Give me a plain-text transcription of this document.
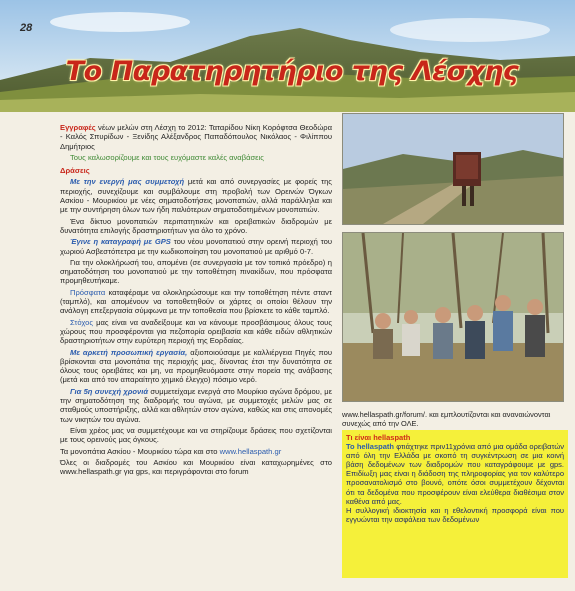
28
Το Παρατηρητήριο της Λέσχης

Εγγραφές νέων μελών στη Λέσχη το 2012: Ταταρίδου Νίκη Κορόφτσα Θεοδώρα - Καλός Σπυρίδων - Ξενίδης Αλέξανδρος Παπαδόπουλος Νικόλαος - Φιλίππου Δημήτριος

Τους καλωσορίζουμε και τους ευχόμαστε καλές αναβάσεις

Δράσεις

Με την ενεργή μας συμμετοχή μετά και από συνεργασίες με φορείς της περιοχής, συνεχίζουμε και συμβάλουμε στη προβολή των Ορεινών Όγκων Ασκίου - Μουρικίου με νέες σηματοδοτήσεις μονοπατιών, αλλά παράλληλα και με την συντήρηση όλων των ήδη παλιότερων σηματοδοτημένων μονοπατιών.

Ένα δίκτυο μονοπατιών περιπατητικών και ορειβατικών διαδρομών με δυνατότητα επιλογής δραστηριοτήτων για όλο το χρόνο.

Έγινε η καταγραφή με GPS του νέου μονοπατιού στην ορεινή περιοχή του χωριού Ασβεστόπετρα με την κωδικοποίηση του μονοπατιού με αριθμό 0-7.

Για την ολοκλήρωσή του, απομένει (σε συνεργασία με τον τοπικό πρόεδρο) η σηματοδότηση του μονοπατιού με την τοποθέτηση πινακίδων, που πρόσφατα προμηθευτήκαμε.

Πρόσφατα καταφέραμε να ολοκληρώσουμε και την τοποθέτηση πέντε σταντ (ταμπλό), και απομένουν να τοποθετηθούν οι χάρτες οι οποίοι θέλουν την ανάλογη επεξεργασία σύμφωνα με την τοποθεσία που βρίσκετε το κάθε ταμπλό.

Στόχος μας είναι να αναδείξουμε και να κάνουμε προσβάσιμους όλους τους χώρους που προσφέρονται για πεζοπορία ορειβασία και κάθε ειδών αθλητικών δραστηριοτήτων στην ευρύτερη περιοχή της Εορδαίας.

Με αρκετή προσωπική εργασία, αξιοποιούσαμε με καλλιέργεια Πηγές που βρίσκονται στα μονοπάτια της περιοχής μας, δίνοντας έτσι την δυνατότητα σε όλους τους ορειβάτες και μη, να προμηθευόμαστε στην πορεία της ανάβασης (μετά και από τον απαραίτητο χημικό έλεγχο) πόσιμο νερό.

Για 5η συνεχή χρονιά συμμετείχαμε ενεργά στο Μουρίκιο αγώνα δρόμου, με την σηματοδότηση της διαδρομής του αγώνα, με συμμετοχές μελών μας σε σταθμούς υποστήριξης, αλλά και αθλητών στον αγώνα, καθώς και στις απονομές των νικητών του αγώνα.

Είναι χρέος μας να συμμετέχουμε και να στηρίζουμε δράσεις που σχετίζονται με τους ορεινούς μας όγκους.

Τα μονοπάτια Ασκίου - Μουρικίου τώρα και στο www.hellaspath.gr

Όλες οι διαδρομές του Ασκίου και Μουρικίου είναι καταχωρημένες στο www.hellaspath.gr για gps, και περιγράφονται στο forum

www.hellaspath.gr/forum/. και εμπλουτίζονται και αναναιώνονται συνεχώς από την ΟΛΕ.
Τι είναι hellaspath
Το hellaspath φτιάχτηκε πριν11χρόνια από μια ομάδα ορειβατών από όλη την Ελλάδα με σκοπό τη συγκέντρωση σε μια κοινή βάση δεδομένων των διαδρομών που καταγράφουμε με gps. Επιδίωξη μας είναι η διάδοση της πληροφορίας για τον καλύτερο προσανατολισμό στο βουνό, οπότε όσοι συμμετέχουν δέχονται ότι τα δεδομένα που προσφέρουν είναι ελεύθερα διαθέσιμα στον καθένα από μας.
Η συλλογική ιδιοκτησία και η εθελοντική προσφορά είναι που εγγυώνται την ασφάλεια των δεδομένων
